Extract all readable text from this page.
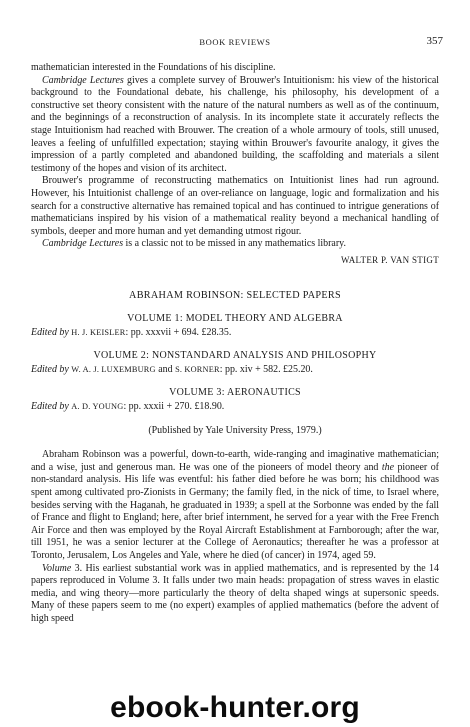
BOOK REVIEWS	357

mathematician interested in the Foundations of his discipline.

Cambridge Lectures gives a complete survey of Brouwer's Intuitionism: his view of the historical background to the Foundational debate, his challenge, his philosophy, his development of a constructive set theory consistent with the nature of the natural numbers as well as of the continuum, and the beginnings of a reconstruction of analysis. In its incomplete state it accurately reflects the stage Intuitionism had reached with Brouwer. The creation of a whole armoury of tools, still unused, leaves a feeling of unfulfilled expectation; staying within Brouwer's favourite analogy, it gives the impression of a partly completed and abandoned building, the scaffolding and materials a silent testimony of the hopes and vision of its architect.

Brouwer's programme of reconstructing mathematics on Intuitionist lines had run aground. However, his Intuitionist challenge of an over-reliance on language, logic and formalization and his search for a constructive alternative has remained topical and has continued to intrigue generations of mathematicians inspired by his vision of a mathematical reality beyond a mechanical handling of symbols, deeper and more human and yet demanding utmost rigour.

Cambridge Lectures is a classic not to be missed in any mathematics library.

WALTER P. VAN STIGT

ABRAHAM ROBINSON: SELECTED PAPERS

VOLUME 1: MODEL THEORY AND ALGEBRA

Edited by H. J. KEISLER: pp. xxxvii + 694. £28.35.

VOLUME 2: NONSTANDARD ANALYSIS AND PHILOSOPHY

Edited by W. A. J. LUXEMBURG and S. KORNER: pp. xiv + 582. £25.20.

VOLUME 3: AERONAUTICS

Edited by A. D. YOUNG: pp. xxxii + 270. £18.90.

(Published by Yale University Press, 1979.)

Abraham Robinson was a powerful, down-to-earth, wide-ranging and imaginative mathematician; and a wise, just and generous man. He was one of the pioneers of model theory and the pioneer of non-standard analysis. His life was eventful: his father died before he was born; his childhood was spent among cultivated pro-Zionists in Germany; the family fled, in the nick of time, to Israel where, besides serving with the Haganah, he graduated in 1939; a spell at the Sorbonne was ended by the fall of France and flight to England; here, after brief internment, he served for a year with the Free French Air Force and then was employed by the Royal Aircraft Establishment at Farnborough; after the war, till 1951, he was a senior lecturer at the College of Aeronautics; thereafter he was a professor at Toronto, Jerusalem, Los Angeles and Yale, where he died (of cancer) in 1974, aged 59.

Volume 3. His earliest substantial work was in applied mathematics, and is represented by the 14 papers reproduced in Volume 3. It falls under two main heads: propagation of stress waves in elastic media, and wing theory—more particularly the theory of delta shaped wings at supersonic speeds. Many of these papers seem to me (no expert) examples of applied mathematics (before the advent of high speed

ebook-hunter.org
